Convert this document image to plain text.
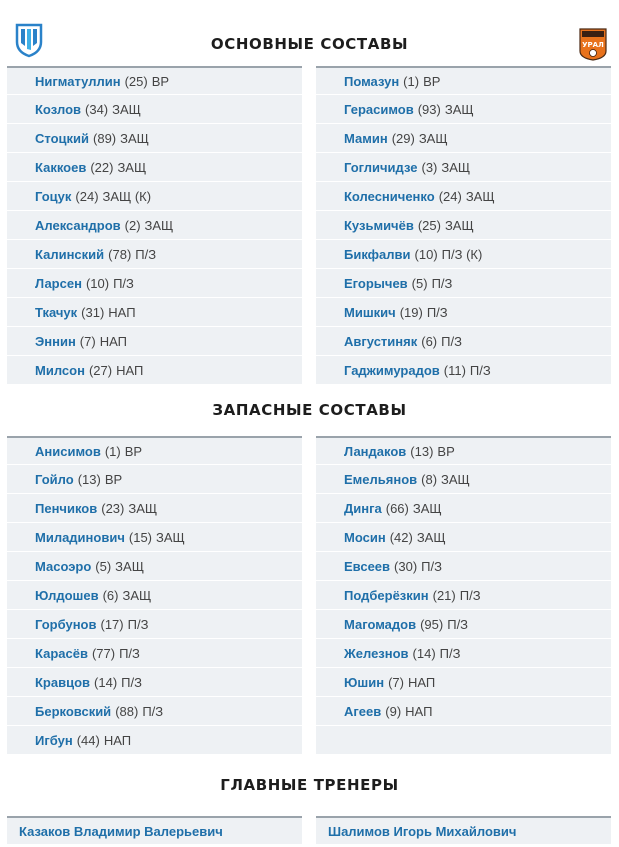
ОСНОВНЫЕ СОСТАВЫ	УРАЛ
Нигматуллин (25) ВР
Козлов (34) ЗАЩ
Стоцкий (89) ЗАЩ
Каккоев (22) ЗАЩ
Гоцук (24) ЗАЩ (К)
Александров (2) ЗАЩ
Калинский (78) П/З
Ларсен (10) П/З
Ткачук (31) НАП
Эннин (7) НАП
Милсон (27) НАП
Помазун (1) ВР
Герасимов (93) ЗАЩ
Мамин (29) ЗАЩ
Гогличидзе (3) ЗАЩ
Колесниченко (24) ЗАЩ
Кузьмичёв (25) ЗАЩ
Бикфалви (10) П/З (К)
Егорычев (5) П/З
Мишкич (19) П/З
Августиняк (6) П/З
Гаджимурадов (11) П/З
ЗАПАСНЫЕ СОСТАВЫ
Анисимов (1) ВР
Гойло (13) ВР
Пенчиков (23) ЗАЩ
Миладинович (15) ЗАЩ
Масоэро (5) ЗАЩ
Юлдошев (6) ЗАЩ
Горбунов (17) П/З
Карасёв (77) П/З
Кравцов (14) П/З
Берковский (88) П/З
Игбун (44) НАП
Ландаков (13) ВР
Емельянов (8) ЗАЩ
Динга (66) ЗАЩ
Мосин (42) ЗАЩ
Евсеев (30) П/З
Подберёзкин (21) П/З
Магомадов (95) П/З
Железнов (14) П/З
Юшин (7) НАП
Агеев (9) НАП
ГЛАВНЫЕ ТРЕНЕРЫ
Казаков Владимир Валерьевич	Шалимов Игорь Михайлович
